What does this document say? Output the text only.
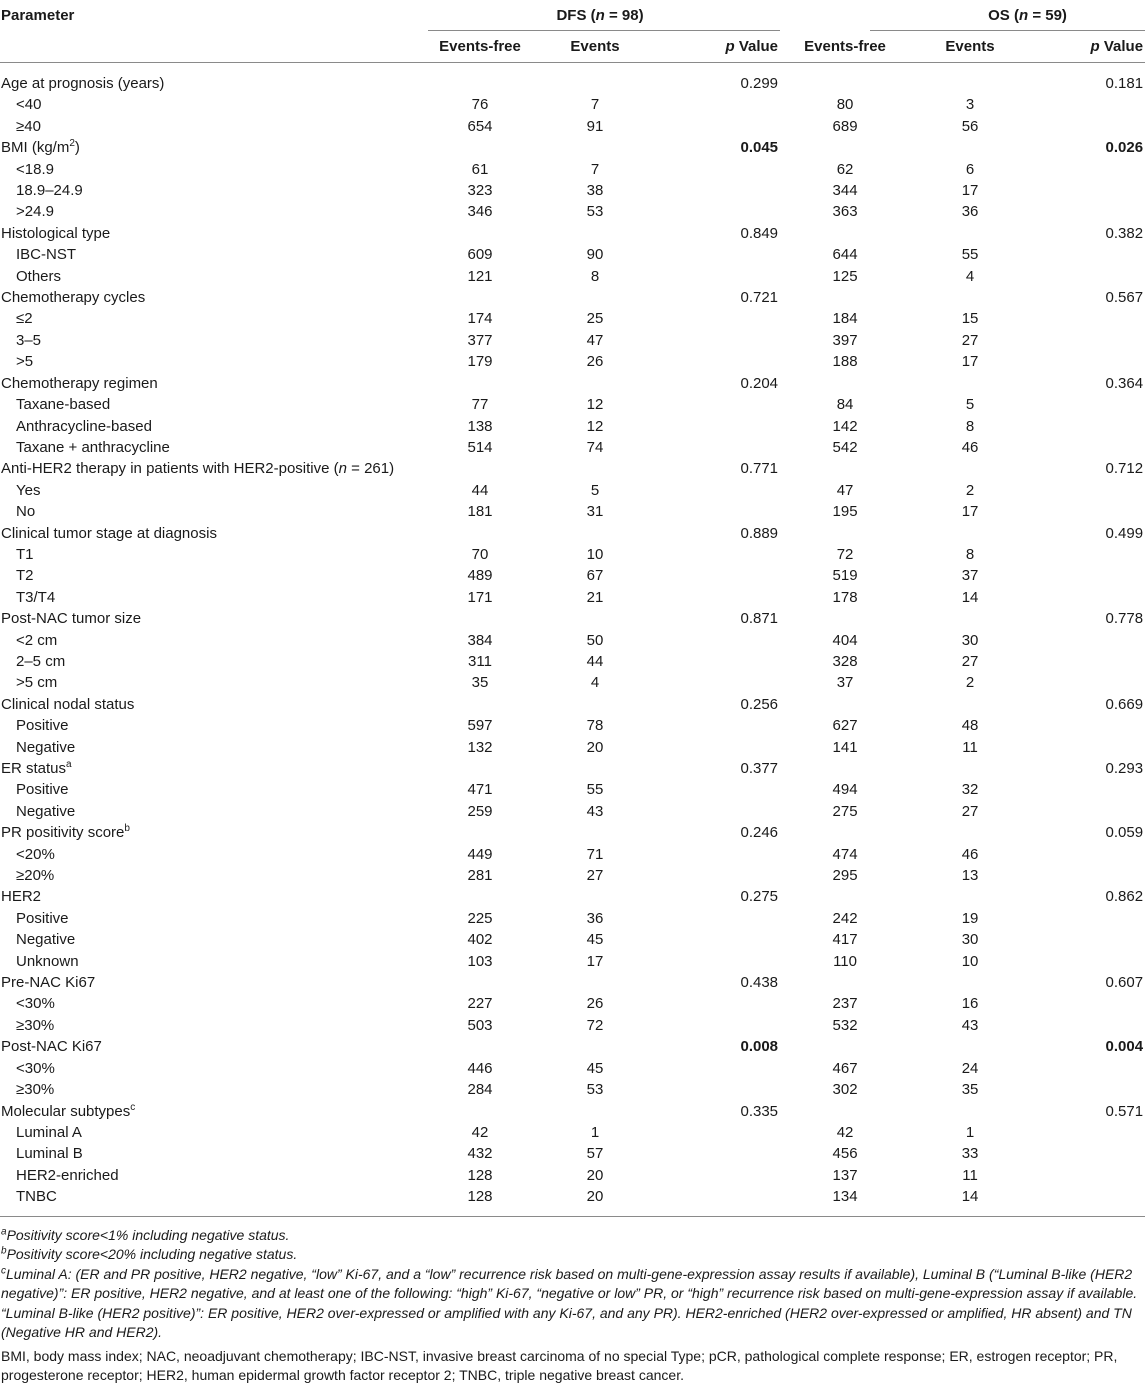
Parameter	DFS (n = 98)				OS (n = 59)	

	Events-free	Events	p Value	Events-free	Events	p Value
Age at prognosis (years)			0.299			0.181
<40	76	7		80	3	
≥40	654	91		689	56	
BMI $(kg/m^2)$			0.045			0.026
<18.9	61	7		62	6	
18.9–24.9	323	38		344	17	
>24.9	346	53		363	36	
Histological type			0.849			0.382
IBC-NST	609	90		644	55	
Others	121	8		125	4	
Chemotherapy cycles			0.721			0.567
≤2	174	25		184	15	
3–5	377	47		397	27	
>5	179	26		188	17	
Chemotherapy regimen			0.204			0.364
Taxane-based	77	12		84	5	
Anthracycline-based	138	12		142	8	
Taxane + anthracycline	514	74		542	46	
Anti-HER2 therapy in patients with HER2-positive (n = 261)			0.771			0.712
Yes	44	5		47	2	
No	181	31		195	17	
Clinical tumor stage at diagnosis			0.889			0.499
T1	70	10		72	8	
T2	489	67		519	37	
T3/T4	171	21		178	14	
Post-NAC tumor size			0.871			0.778
<2 cm	384	50		404	30	
2–5 cm	311	44		328	27	
>5 cm	35	4		37	2	
Clinical nodal status			0.256			0.669
Positive	597	78		627	48	
Negative	132	20		141	11	
ER status$^a$			0.377			0.293
Positive	471	55		494	32	
Negative	259	43		275	27	
PR positivity score$^b$			0.246			0.059
<20%	449	71		474	46	
≥20%	281	27		295	13	
HER2			0.275			0.862
Positive	225	36		242	19	
Negative	402	45		417	30	
Unknown	103	17		110	10	
Pre-NAC Ki67			0.438			0.607
<30%	227	26		237	16	
≥30%	503	72		532	43	
Post-NAC Ki67			0.008			0.004
<30%	446	45		467	24	
≥30%	284	53		302	35	
Molecular subtypes$^c$			0.335			0.571
Luminal A	42	1		42	1	
Luminal B	432	57		456	33	
HER2-enriched	128	20		137	11	
TNBC	128	20		134	14	

$^a$Positivity score<1% including negative status.

$^b$Positivity score<20% including negative status.

$^c$Luminal A: (ER and PR positive, HER2 negative, “low” Ki-67, and a “low” recurrence risk based on multi-gene-expression assay results if available), Luminal B (“Luminal B-like (HER2 negative)”: ER positive, HER2 negative, and at least one of the following: “high” Ki-67, “negative or low” PR, or “high” recurrence risk based on multi-gene-expression assay if available. “Luminal B-like (HER2 positive)”: ER positive, HER2 over-expressed or amplified with any Ki-67, and any PR). HER2-enriched (HER2 over-expressed or amplified, HR absent) and TN (Negative HR and HER2).

BMI, body mass index; NAC, neoadjuvant chemotherapy; IBC-NST, invasive breast carcinoma of no special Type; pCR, pathological complete response; ER, estrogen receptor; PR, progesterone receptor; HER2, human epidermal growth factor receptor 2; TNBC, triple negative breast cancer.
